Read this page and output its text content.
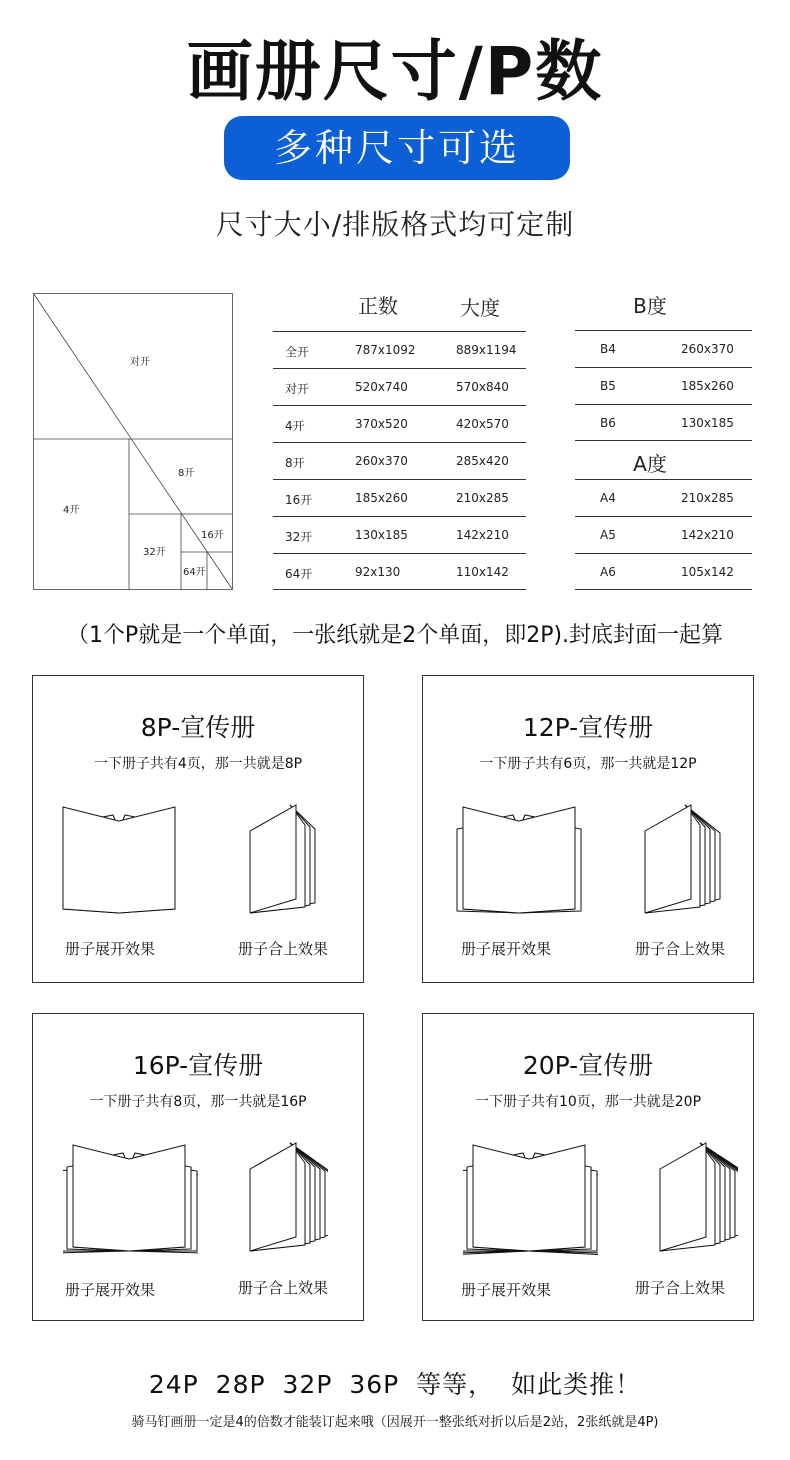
画册尺寸/P数
多种尺寸可选
尺寸大小/排版格式均可定制
对开
4开
8开
32开
16开
64开
正数	大度
全开	787x1092	889x1194
对开	520x740	570x840
4开	370x520	420x570
8开	260x370	285x420
16开	185x260	210x285
32开	130x185	142x210
64开	92x130	110x142
B度
B4	260x370
B5	185x260
B6	130x185
A度
A4	210x285
A5	142x210
A6	105x142
（1个P就是一个单面，一张纸就是2个单面，即2P).封底封面一起算
8P-宣传册
一下册子共有4页，那一共就是8P
册子展开效果	册子合上效果
12P-宣传册
一下册子共有6页，那一共就是12P
册子展开效果	册子合上效果
16P-宣传册
一下册子共有8页，那一共就是16P
册子展开效果	册子合上效果
20P-宣传册
一下册子共有10页，那一共就是20P
册子展开效果	册子合上效果
24P 28P 32P 36P 等等， 如此类推！
骑马钉画册一定是4的倍数才能装订起来哦（因展开一整张纸对折以后是2站，2张纸就是4P)
